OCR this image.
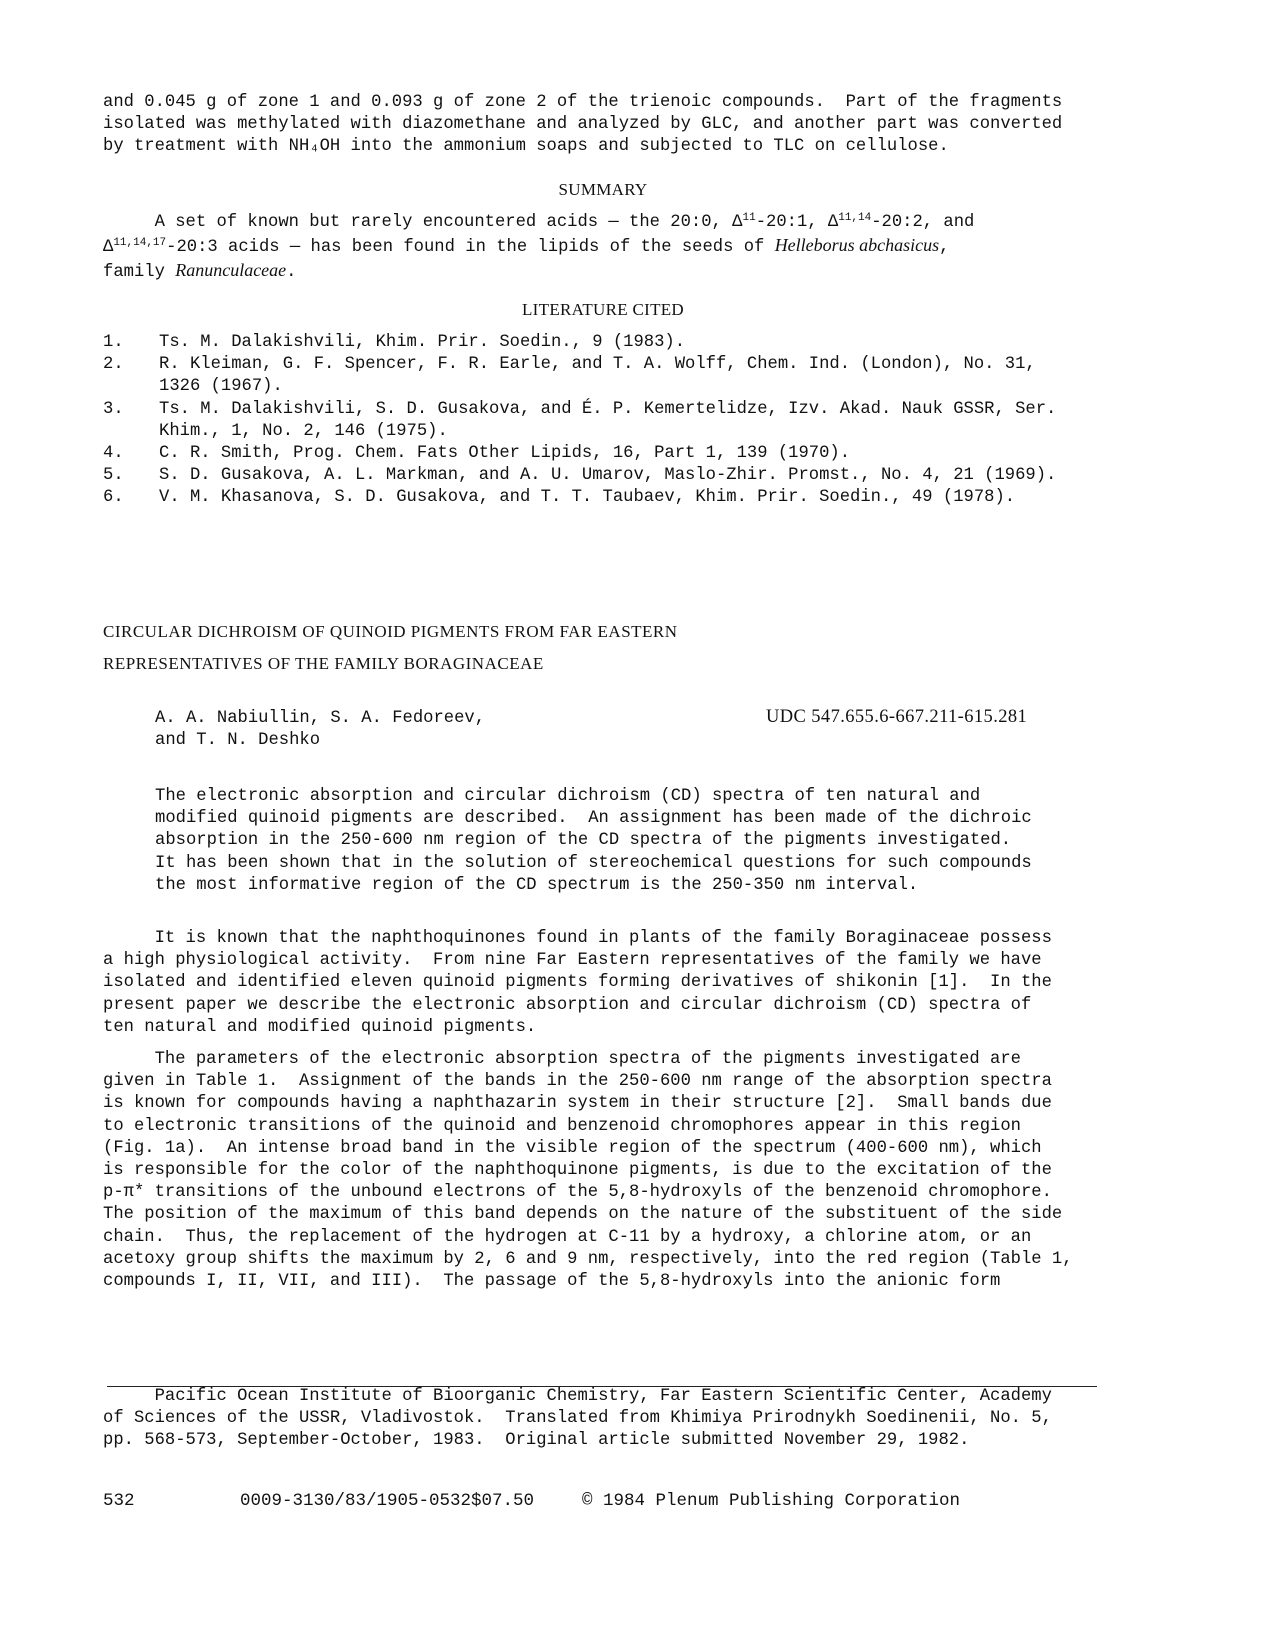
and 0.045 g of zone 1 and 0.093 g of zone 2 of the trienoic compounds.  Part of the fragments

isolated was methylated with diazomethane and analyzed by GLC, and another part was converted

by treatment with NH₄OH into the ammonium soaps and subjected to TLC on cellulose.

SUMMARY

A set of known but rarely encountered acids — the 20:0, $\Delta^{11}-20:1$, Δ$^{11,14}$-20:2, and

Δ$^{11,14,17}$-20:3 acids — has been found in the lipids of the seeds of Helleborus abchasicus,

family Ranunculaceae.

LITERATURE CITED
1.	Ts. M. Dalakishvili, Khim. Prir. Soedin., 9 (1983).
2.	R. Kleiman, G. F. Spencer, F. R. Earle, and T. A. Wolff, Chem. Ind. (London), No. 31,
1326 (1967).
3.	Ts. M. Dalakishvili, S. D. Gusakova, and É. P. Kemertelidze, Izv. Akad. Nauk GSSR, Ser.
Khim., 1, No. 2, 146 (1975).
4.	C. R. Smith, Prog. Chem. Fats Other Lipids, 16, Part 1, 139 (1970).
5.	S. D. Gusakova, A. L. Markman, and A. U. Umarov, Maslo-Zhir. Promst., No. 4, 21 (1969).
6.	V. M. Khasanova, S. D. Gusakova, and T. T. Taubaev, Khim. Prir. Soedin., 49 (1978).
CIRCULAR DICHROISM OF QUINOID PIGMENTS FROM FAR EASTERN
REPRESENTATIVES OF THE FAMILY BORAGINACEAE
A. A. Nabiullin, S. A. Fedoreev,
and T. N. Deshko
UDC 547.655.6-667.211-615.281

The electronic absorption and circular dichroism (CD) spectra of ten natural and

modified quinoid pigments are described.  An assignment has been made of the dichroic

absorption in the 250-600 nm region of the CD spectra of the pigments investigated.

It has been shown that in the solution of stereochemical questions for such compounds

the most informative region of the CD spectrum is the 250-350 nm interval.

It is known that the naphthoquinones found in plants of the family Boraginaceae possess

a high physiological activity.  From nine Far Eastern representatives of the family we have

isolated and identified eleven quinoid pigments forming derivatives of shikonin [1].  In the

present paper we describe the electronic absorption and circular dichroism (CD) spectra of

ten natural and modified quinoid pigments.

The parameters of the electronic absorption spectra of the pigments investigated are

given in Table 1.  Assignment of the bands in the 250-600 nm range of the absorption spectra

is known for compounds having a naphthazarin system in their structure [2].  Small bands due

to electronic transitions of the quinoid and benzenoid chromophores appear in this region

(Fig. 1a).  An intense broad band in the visible region of the spectrum (400-600 nm), which

is responsible for the color of the naphthoquinone pigments, is due to the excitation of the

p-π* transitions of the unbound electrons of the 5,8-hydroxyls of the benzenoid chromophore.

The position of the maximum of this band depends on the nature of the substituent of the side

chain.  Thus, the replacement of the hydrogen at C-11 by a hydroxy, a chlorine atom, or an

acetoxy group shifts the maximum by 2, 6 and 9 nm, respectively, into the red region (Table 1,

compounds I, II, VII, and III).  The passage of the 5,8-hydroxyls into the anionic form

Pacific Ocean Institute of Bioorganic Chemistry, Far Eastern Scientific Center, Academy

of Sciences of the USSR, Vladivostok.  Translated from Khimiya Prirodnykh Soedinenii, No. 5,

pp. 568-573, September-October, 1983.  Original article submitted November 29, 1982.

532	0009-3130/83/1905-0532$07.50	© 1984 Plenum Publishing Corporation
